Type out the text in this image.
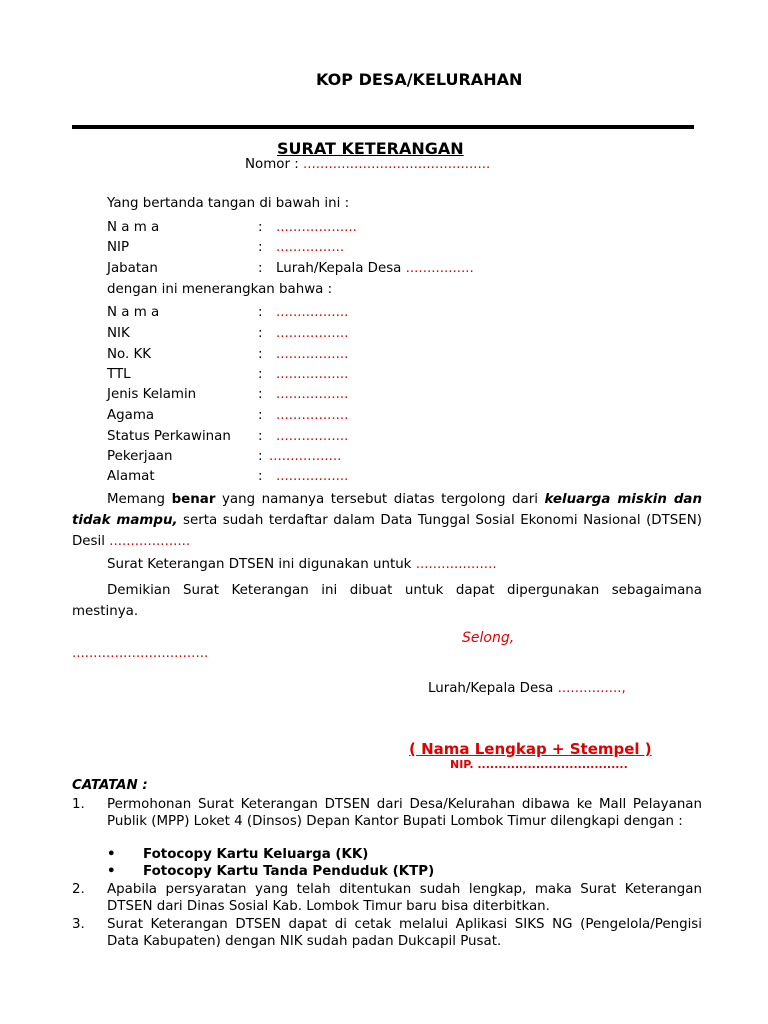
KOP DESA/KELURAHAN
SURAT KETERANGAN
Nomor : ............................................
Yang bertanda tangan di bawah ini :
N a m a	: ...................
NIP	: ................
Jabatan	: Lurah/Kepala Desa ................
dengan ini menerangkan bahwa :
N a m a	: .................
NIK	: .................
No. KK	: .................
TTL	: .................
Jenis Kelamin	: .................
Agama	: .................
Status Perkawinan : .................
Pekerjaan	: .................
Alamat	: .................
Memang benar yang namanya tersebut diatas tergolong dari keluarga miskin dan tidak mampu, serta sudah terdaftar dalam Data Tunggal Sosial Ekonomi Nasional (DTSEN) Desil ...................
Surat Keterangan DTSEN ini digunakan untuk ...................
Demikian Surat Keterangan ini dibuat untuk dapat dipergunakan sebagaimana mestinya.
Selong,
................................
Lurah/Kepala Desa ...............,
( Nama Lengkap + Stempel )
NIP. ....................................
CATATAN :
1. Permohonan Surat Keterangan DTSEN dari Desa/Kelurahan dibawa ke Mall Pelayanan Publik (MPP) Loket 4 (Dinsos) Depan Kantor Bupati Lombok Timur dilengkapi dengan :
• Fotocopy Kartu Keluarga (KK)
• Fotocopy Kartu Tanda Penduduk (KTP)
2. Apabila persyaratan yang telah ditentukan sudah lengkap, maka Surat Keterangan DTSEN dari Dinas Sosial Kab. Lombok Timur baru bisa diterbitkan.
3. Surat Keterangan DTSEN dapat di cetak melalui Aplikasi SIKS NG (Pengelola/Pengisi Data Kabupaten) dengan NIK sudah padan Dukcapil Pusat.
